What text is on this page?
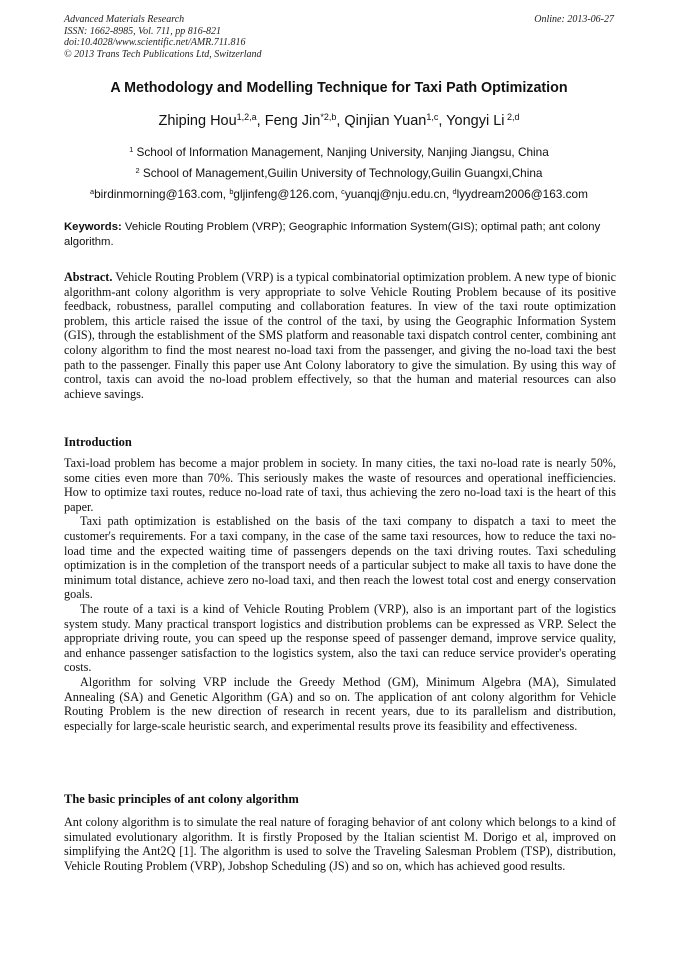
Advanced Materials Research
ISSN: 1662-8985, Vol. 711, pp 816-821
doi:10.4028/www.scientific.net/AMR.711.816
© 2013 Trans Tech Publications Ltd, Switzerland
Online: 2013-06-27
A Methodology and Modelling Technique for Taxi Path Optimization
Zhiping Hou$^{1,2,a}$, Feng Jin$^{*2,b}$, Qinjian Yuan$^{1,c}$, Yongyi Li $^{2,d}$
$^1$ School of Information Management, Nanjing University, Nanjing Jiangsu, China
$^2$ School of Management,Guilin University of Technology,Guilin Guangxi,China
$^a$birdinmorning@163.com, $^b$gljinfeng@126.com, $^c$yuanqj@nju.edu.cn, $^d$lyydream2006@163.com
Keywords: Vehicle Routing Problem (VRP); Geographic Information System(GIS); optimal path; ant colony algorithm.
Abstract. Vehicle Routing Problem (VRP) is a typical combinatorial optimization problem. A new type of bionic algorithm-ant colony algorithm is very appropriate to solve Vehicle Routing Problem because of its positive feedback, robustness, parallel computing and collaboration features. In view of the taxi route optimization problem, this article raised the issue of the control of the taxi, by using the Geographic Information System (GIS), through the establishment of the SMS platform and reasonable taxi dispatch control center, combining ant colony algorithm to find the most nearest no-load taxi from the passenger, and giving the no-load taxi the best path to the passenger. Finally this paper use Ant Colony laboratory to give the simulation. By using this way of control, taxis can avoid the no-load problem effectively, so that the human and material resources can also achieve savings.
Introduction

Taxi-load problem has become a major problem in society. In many cities, the taxi no-load rate is nearly 50%, some cities even more than 70%. This seriously makes the waste of resources and operational inefficiencies. How to optimize taxi routes, reduce no-load rate of taxi, thus achieving the zero no-load taxi is the heart of this paper.

Taxi path optimization is established on the basis of the taxi company to dispatch a taxi to meet the customer's requirements. For a taxi company, in the case of the same taxi resources, how to reduce the taxi no-load time and the expected waiting time of passengers depends on the taxi driving routes. Taxi scheduling optimization is in the completion of the transport needs of a particular subject to make all taxis to have done the minimum total distance, achieve zero no-load taxi, and then reach the lowest total cost and energy conservation goals.

The route of a taxi is a kind of Vehicle Routing Problem (VRP), also is an important part of the logistics system study. Many practical transport logistics and distribution problems can be expressed as VRP. Select the appropriate driving route, you can speed up the response speed of passenger demand, improve service quality, and enhance passenger satisfaction to the logistics system, also the taxi can reduce service provider's operating costs.

Algorithm for solving VRP include the Greedy Method (GM), Minimum Algebra (MA), Simulated Annealing (SA) and Genetic Algorithm (GA) and so on. The application of ant colony algorithm for Vehicle Routing Problem is the new direction of research in recent years, due to its parallelism and distribution, especially for large-scale heuristic search, and experimental results prove its feasibility and effectiveness.

The basic principles of ant colony algorithm

Ant colony algorithm is to simulate the real nature of foraging behavior of ant colony which belongs to a kind of simulated evolutionary algorithm. It is firstly Proposed by the Italian scientist M. Dorigo et al, improved on simplifying the Ant2Q [1]. The algorithm is used to solve the Traveling Salesman Problem (TSP), distribution, Vehicle Routing Problem (VRP), Jobshop Scheduling (JS) and so on, which has achieved good results.
